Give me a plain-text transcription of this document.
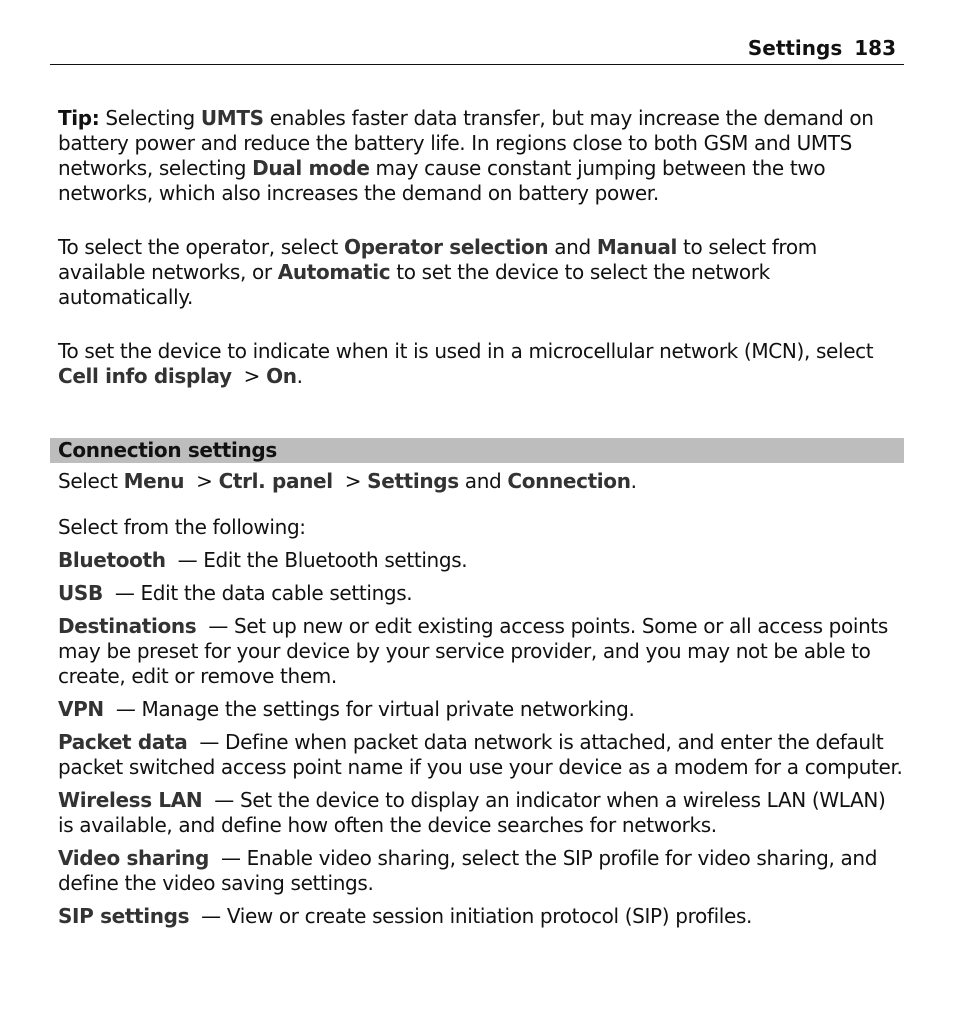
Settings 183

Tip: Selecting UMTS enables faster data transfer, but may increase the demand on battery power and reduce the battery life. In regions close to both GSM and UMTS networks, selecting Dual mode may cause constant jumping between the two networks, which also increases the demand on battery power.

To select the operator, select Operator selection and Manual to select from available networks, or Automatic to set the device to select the network automatically.

To set the device to indicate when it is used in a microcellular network (MCN), select Cell info display  > On.

Connection settings

Select Menu  > Ctrl. panel  > Settings and Connection.

Select from the following:

Bluetooth  — Edit the Bluetooth settings.

USB  — Edit the data cable settings.

Destinations  — Set up new or edit existing access points. Some or all access points may be preset for your device by your service provider, and you may not be able to create, edit or remove them.

VPN  — Manage the settings for virtual private networking.

Packet data  — Define when packet data network is attached, and enter the default packet switched access point name if you use your device as a modem for a computer.

Wireless LAN  — Set the device to display an indicator when a wireless LAN (WLAN) is available, and define how often the device searches for networks.

Video sharing  — Enable video sharing, select the SIP profile for video sharing, and define the video saving settings.

SIP settings  — View or create session initiation protocol (SIP) profiles.
